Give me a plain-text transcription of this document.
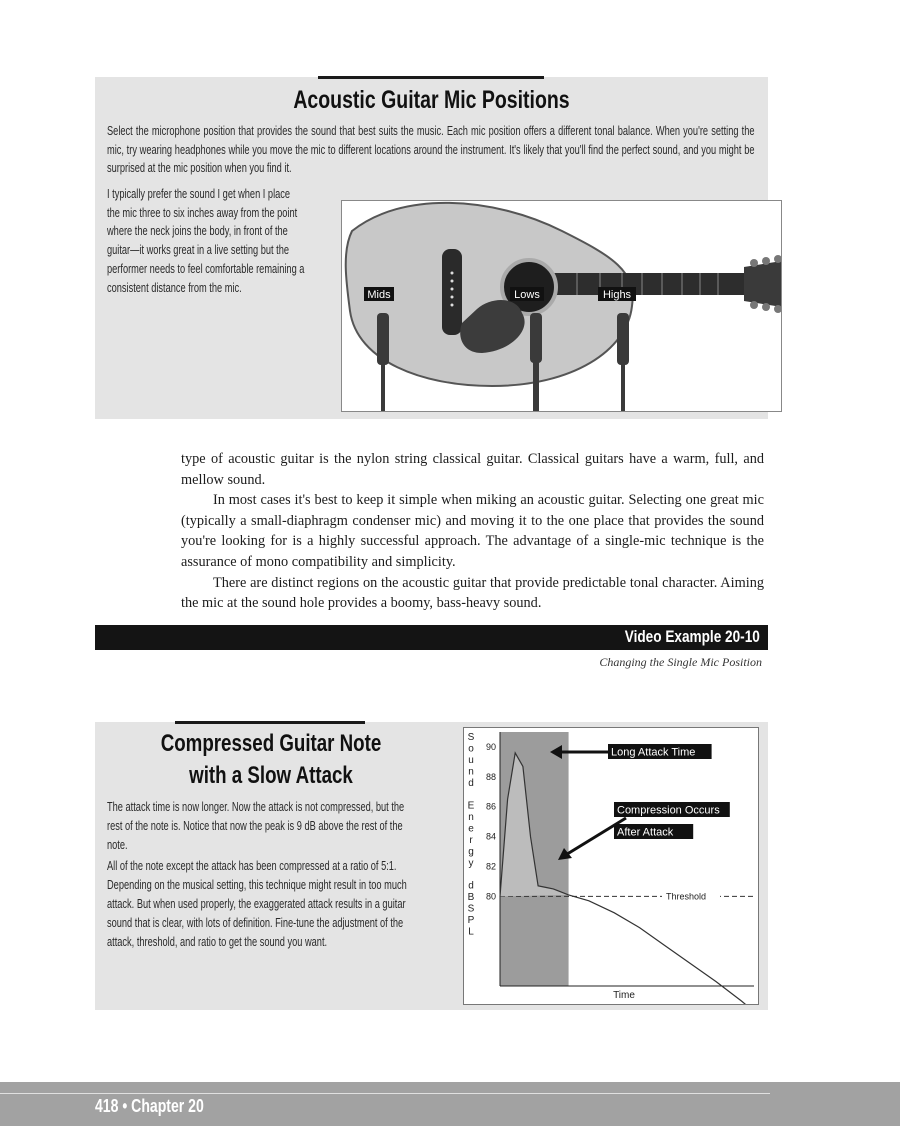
Acoustic Guitar Mic Positions
Select the microphone position that provides the sound that best suits the music. Each mic position offers a different tonal balance. When you're setting the mic, try wearing headphones while you move the mic to different locations around the instrument. It's likely that you'll find the perfect sound, and you might be surprised at the mic position when you find it.
I typically prefer the sound I get when I place
the mic three to six inches away from the point
where the neck joins the body, in front of the
guitar—it works great in a live setting but the
performer needs to feel comfortable remaining a
consistent distance from the mic.
Mids	Lows	Highs

type of acoustic guitar is the nylon string classical guitar. Classical guitars have a warm, full, and mellow sound.

In most cases it's best to keep it simple when miking an acoustic guitar. Selecting one great mic (typically a small-diaphragm condenser mic) and moving it to the one place that provides the sound you're looking for is a highly successful approach. The advantage of a single-mic technique is the assurance of mono compatibility and simplicity.

There are distinct regions on the acoustic guitar that provide predictable tonal character. Aiming the mic at the sound hole provides a boomy, bass-heavy sound.

Video Example 20-10
Changing the Single Mic Position
Compressed Guitar Note
with a Slow Attack
The attack time is now longer. Now the attack is not compressed, but the
rest of the note is. Notice that now the peak is 9 dB above the rest of the
note.
All of the note except the attack has been compressed at a ratio of 5:1.
Depending on the musical setting, this technique might result in too much
attack. But when used properly, the exaggerated attack results in a guitar
sound that is clear, with lots of definition. Fine-tune the adjustment of the
attack, threshold, and ratio to get the sound you want.
S
o
u
n
d
E
n
e
r
g
y
d
B
S
P
L
90
88
86
84
82
80	Threshold
Time
Long Attack Time
Compression Occurs
After Attack
418 • Chapter 20
